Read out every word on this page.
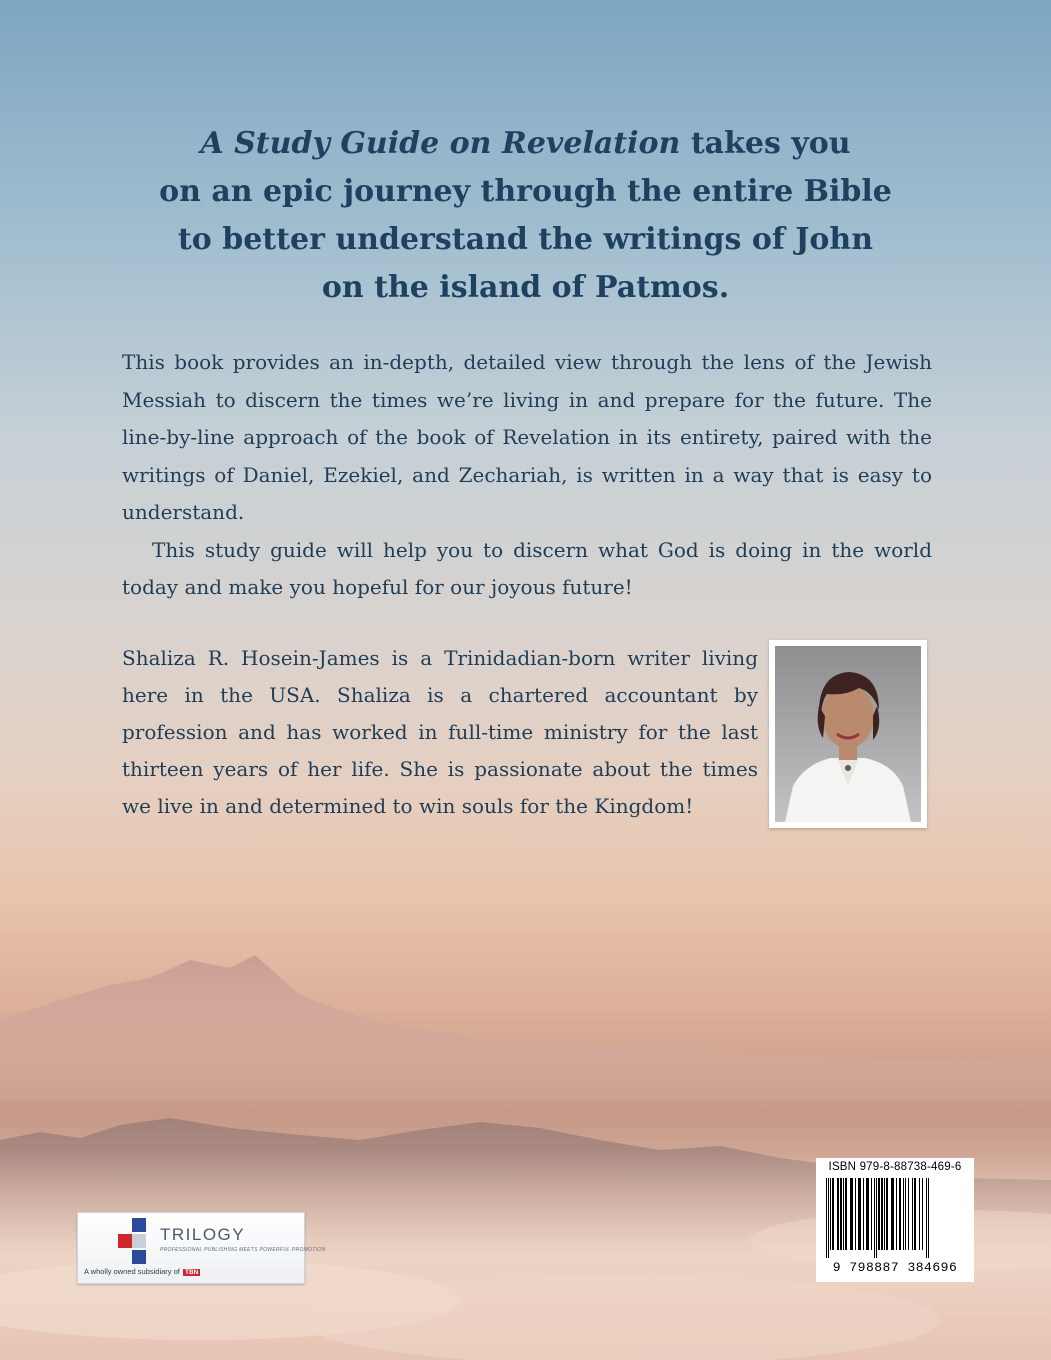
A Study Guide on Revelation takes you
on an epic journey through the entire Bible
to better understand the writings of John
on the island of Patmos.

This book provides an in-depth, detailed view through the lens of the Jewish Messiah to discern the times we’re living in and prepare for the future. The line-by-line approach of the book of Revelation in its entirety, paired with the writings of Daniel, Ezekiel, and Zechariah, is written in a way that is easy to understand.

This study guide will help you to discern what God is doing in the world today and make you hopeful for our joyous future!

Shaliza R. Hosein-James is a Trinidadian-born writer living here in the USA. Shaliza is a chartered accountant by profession and has worked in full-time ministry for the last thirteen years of her life. She is passionate about the times we live in and determined to win souls for the Kingdom!

TRILOGY
PROFESSIONAL PUBLISHING MEETS POWERFUL PROMOTION
A wholly owned subsidiary of TBN
ISBN 979-8-88738-469-6
9 798887 384696
